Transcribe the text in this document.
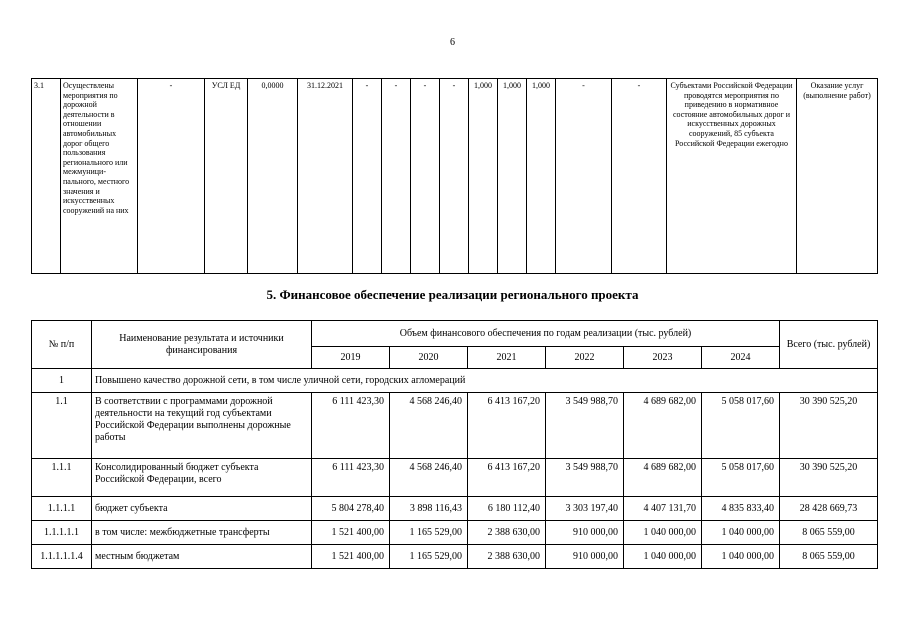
6
3.1	Осуществлены мероприятия по дорожной деятельности в отношении автомобильных дорог общего пользования регионального или межмуници-пального, местного значения и искусственных сооружений на них	-	УСЛ ЕД	0,0000	31.12.2021	-	-	-	-	1,000	1,000	1,000	-	-	Субъектами Российской Федерации проводятся мероприятия по приведению в нормативное состояние автомобильных дорог и искусственных дорожных сооружений, 85 субъекта Российской Федерации ежегодно	Оказание услуг (выполнение работ)
5. Финансовое обеспечение реализации регионального проекта
№ п/п	Наименование результата и источники финансирования	Объем финансового обеспечения по годам реализации (тыс. рублей)						Всего (тыс. рублей)
		2019	2020	2021	2022	2023	2024	
1	Повышено качество дорожной сети, в том числе уличной сети, городских агломераций							
1.1	В соответствии с программами дорожной деятельности на текущий год субъектами Российской Федерации выполнены дорожные работы	6 111 423,30	4 568 246,40	6 413 167,20	3 549 988,70	4 689 682,00	5 058 017,60	30 390 525,20
1.1.1	Консолидированный бюджет субъекта Российской Федерации, всего	6 111 423,30	4 568 246,40	6 413 167,20	3 549 988,70	4 689 682,00	5 058 017,60	30 390 525,20
1.1.1.1	бюджет субъекта	5 804 278,40	3 898 116,43	6 180 112,40	3 303 197,40	4 407 131,70	4 835 833,40	28 428 669,73
1.1.1.1.1	в том числе: межбюджетные трансферты	1 521 400,00	1 165 529,00	2 388 630,00	910 000,00	1 040 000,00	1 040 000,00	8 065 559,00
1.1.1.1.1.4	местным бюджетам	1 521 400,00	1 165 529,00	2 388 630,00	910 000,00	1 040 000,00	1 040 000,00	8 065 559,00
